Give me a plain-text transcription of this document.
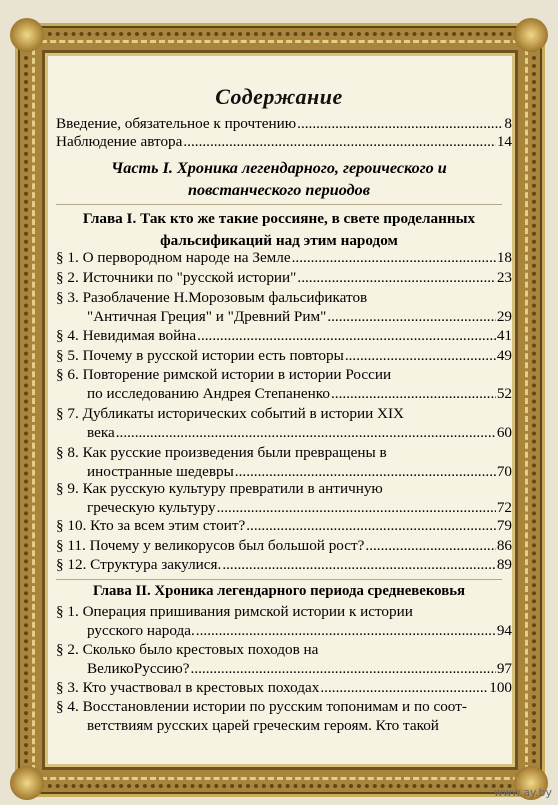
Содержание
Введение, обязательное к прочтению .....	8
Наблюдение автора .....	14
Часть I. Хроника легендарного, героического и
повстанческого периодов
Глава I. Так кто же такие россияне, в свете проделанных
фальсификаций над этим народом
§ 1. О первородном народе на Земле .....	18
§ 2. Источники по "русской истории" .....	23
§ 3. Разоблачение Н.Морозовым фальсификатов
"Античная Греция" и "Древний Рим" .....	29
§ 4. Невидимая война .....	41
§ 5. Почему в русской истории есть повторы .....	49
§ 6. Повторение римской истории в истории России
по исследованию Андрея Степаненко .....	52
§ 7. Дубликаты исторических событий в истории XIX
века .....	60
§ 8. Как русские произведения были превращены в
иностранные шедевры .....	70
§ 9. Как русскую культуру превратили в античную
греческую культуру .....	72
§ 10. Кто за всем этим стоит? .....	79
§ 11. Почему у великорусов был большой рост? .....	86
§ 12. Структура закулися. .....	89
Глава II. Хроника легендарного периода средневековья
§ 1. Операция пришивания римской истории к истории
русского народа. .....	94
§ 2. Сколько было крестовых походов на
ВеликоРуссию? .....	97
§ 3. Кто участвовал в крестовых походах .....	100
§ 4. Восстановлении истории по русским топонимам и по соот-
ветствиям русских царей греческим героям. Кто такой
www.ay.by
